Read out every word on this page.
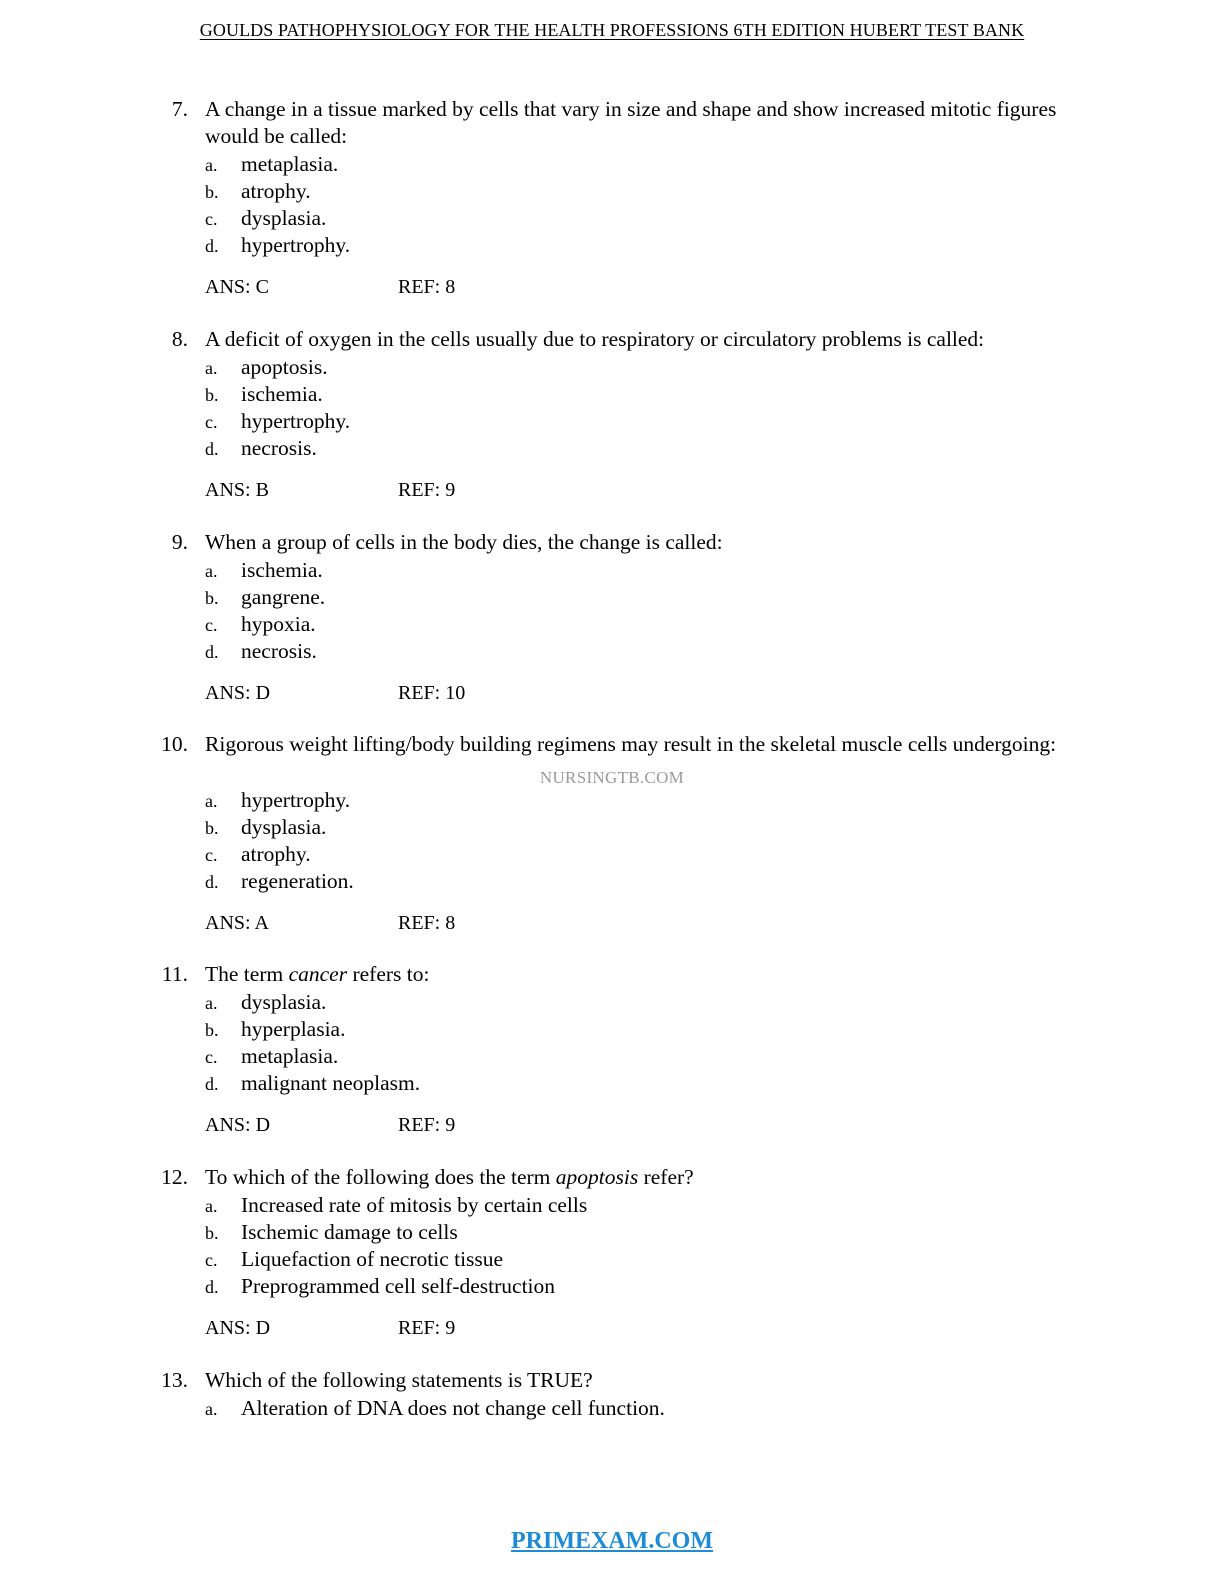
GOULDS PATHOPHYSIOLOGY FOR THE HEALTH PROFESSIONS 6TH EDITION HUBERT TEST BANK
7. A change in a tissue marked by cells that vary in size and shape and show increased mitotic figures would be called:
a. metaplasia.
b. atrophy.
c. dysplasia.
d. hypertrophy.
ANS: C	REF: 8
8. A deficit of oxygen in the cells usually due to respiratory or circulatory problems is called:
a. apoptosis.
b. ischemia.
c. hypertrophy.
d. necrosis.
ANS: B	REF: 9
9. When a group of cells in the body dies, the change is called:
a. ischemia.
b. gangrene.
c. hypoxia.
d. necrosis.
ANS: D	REF: 10
10. Rigorous weight lifting/body building regimens may result in the skeletal muscle cells undergoing:
a. hypertrophy.
b. dysplasia.
c. atrophy.
d. regeneration.
ANS: A	REF: 8
NURSINGTB.COM
11. The term cancer refers to:
a. dysplasia.
b. hyperplasia.
c. metaplasia.
d. malignant neoplasm.
ANS: D	REF: 9
12. To which of the following does the term apoptosis refer?
a. Increased rate of mitosis by certain cells
b. Ischemic damage to cells
c. Liquefaction of necrotic tissue
d. Preprogrammed cell self-destruction
ANS: D	REF: 9
13. Which of the following statements is TRUE?
a. Alteration of DNA does not change cell function.
PRIMEXAM.COM
